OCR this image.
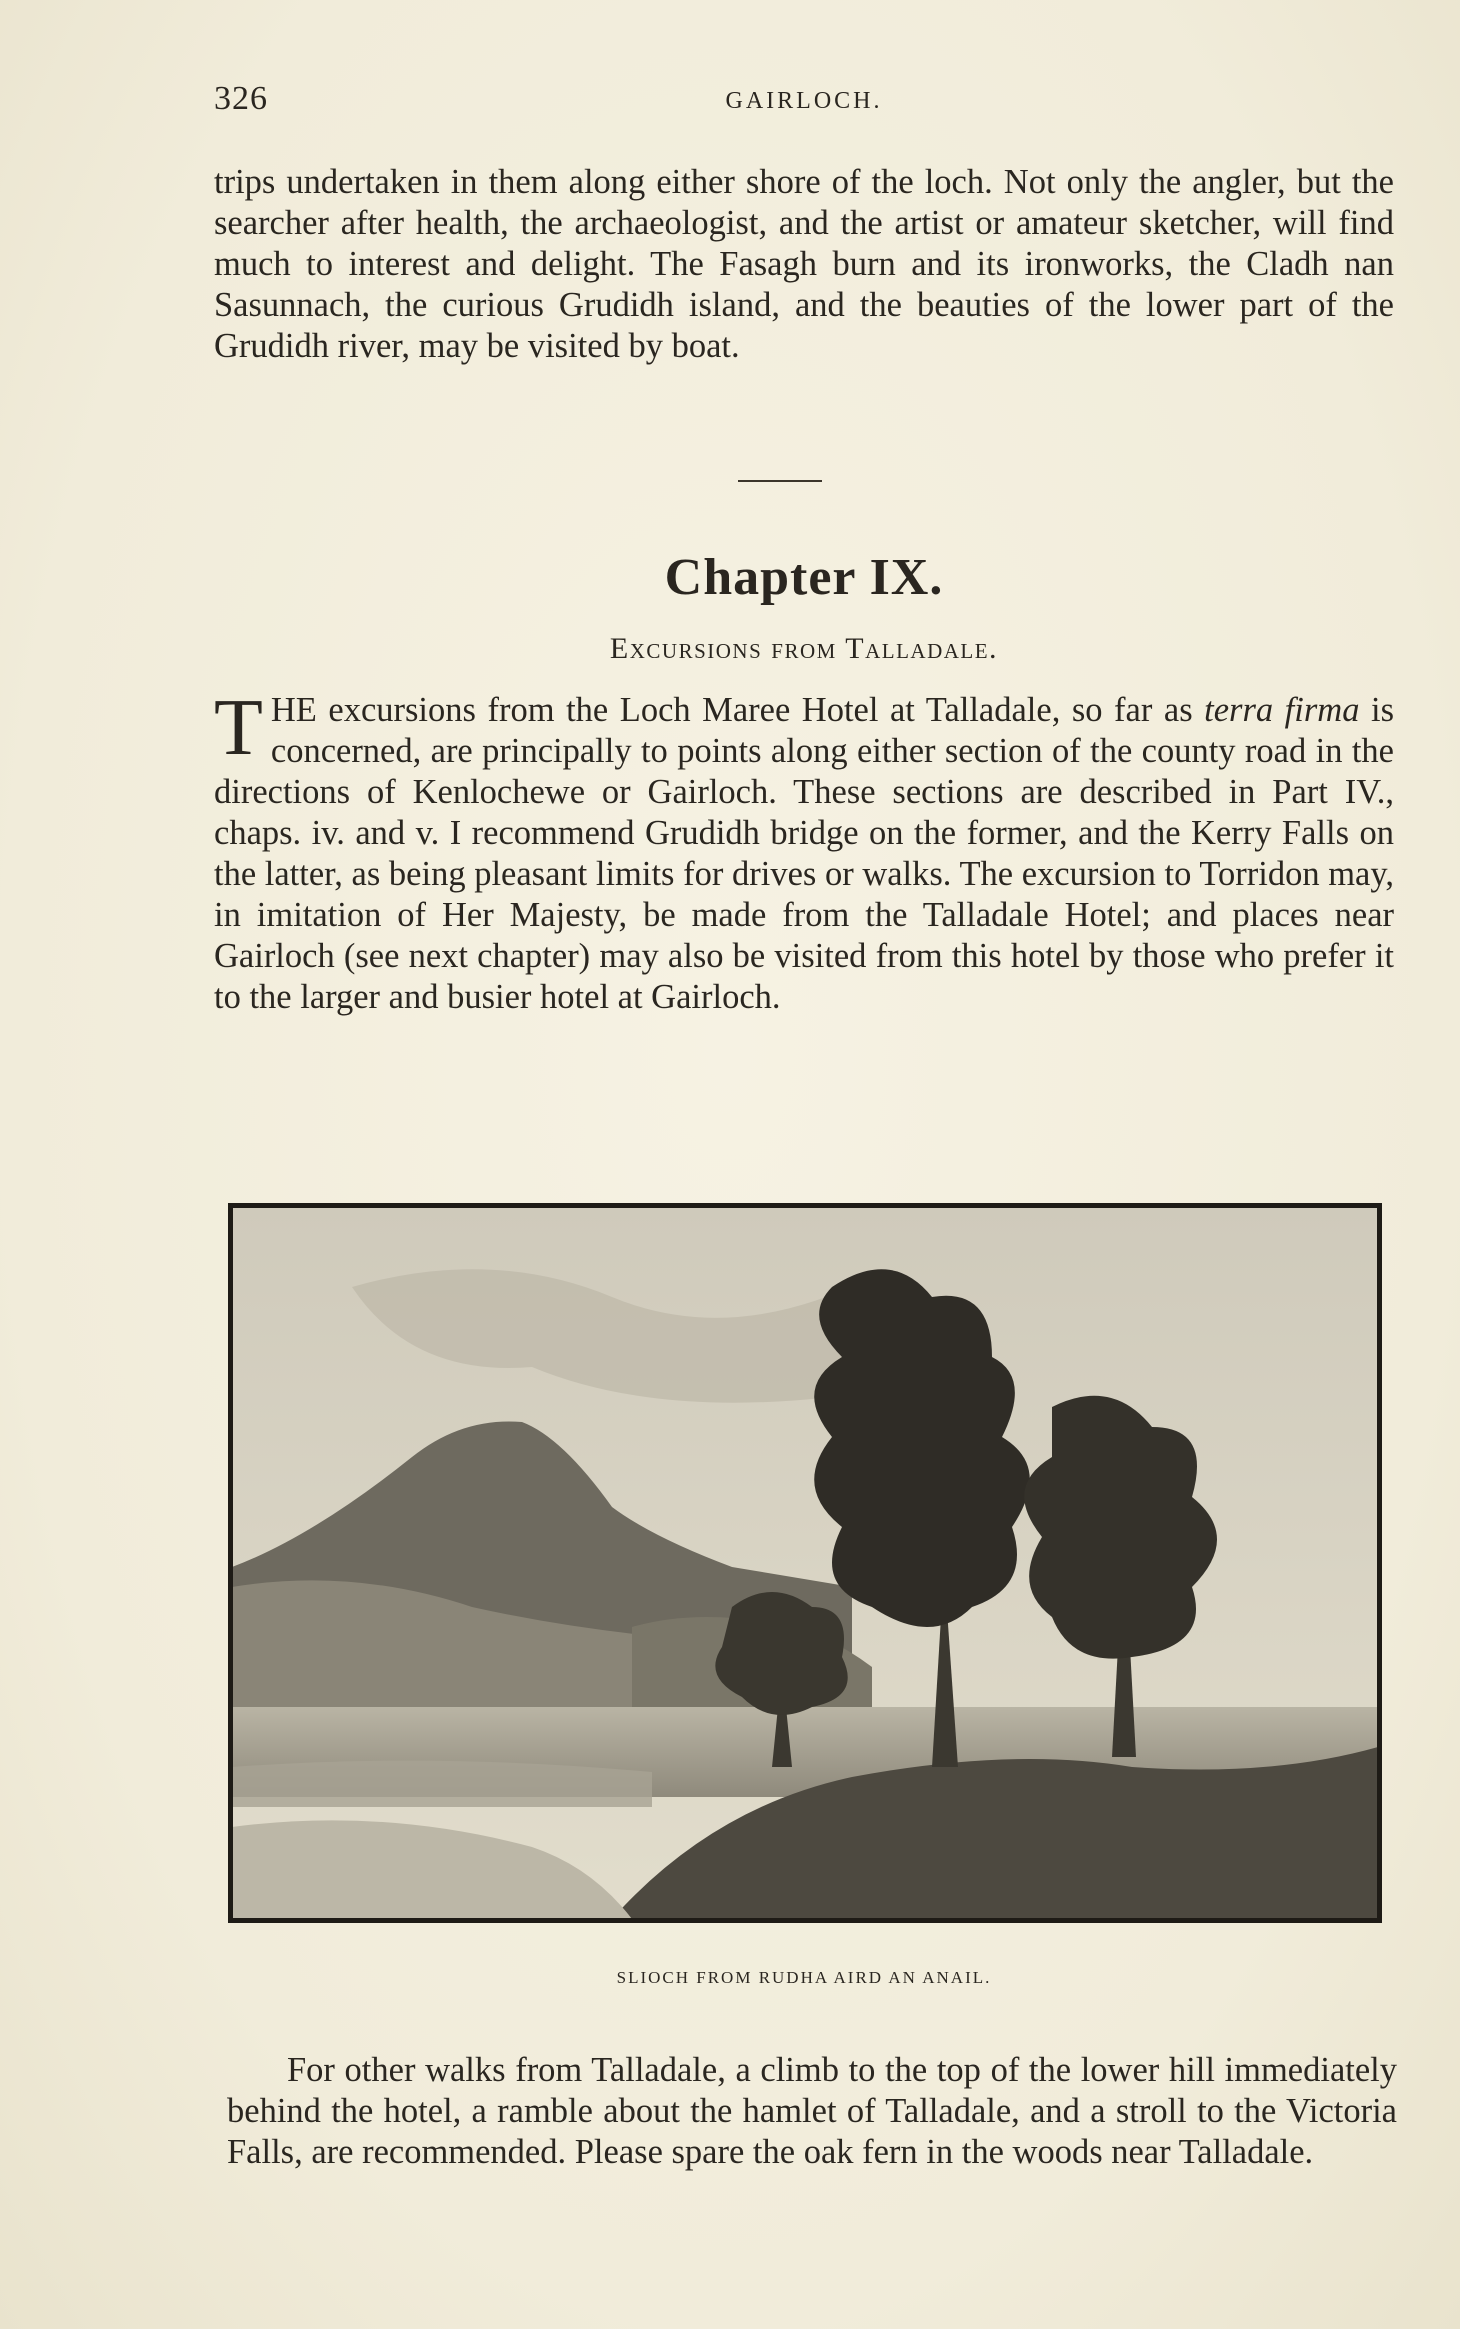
326	GAIRLOCH.
trips undertaken in them along either shore of the loch. Not only the angler, but the searcher after health, the archaeologist, and the artist or amateur sketcher, will find much to interest and delight. The Fasagh burn and its ironworks, the Cladh nan Sasunnach, the curious Grudidh island, and the beauties of the lower part of the Grudidh river, may be visited by boat.
Chapter IX.
Excursions from Talladale.
THE excursions from the Loch Maree Hotel at Talladale, so far as terra firma is concerned, are principally to points along either section of the county road in the directions of Kenlochewe or Gairloch. These sections are described in Part IV., chaps. iv. and v. I recommend Grudidh bridge on the former, and the Kerry Falls on the latter, as being pleasant limits for drives or walks. The excursion to Torridon may, in imitation of Her Majesty, be made from the Talladale Hotel; and places near Gairloch (see next chapter) may also be visited from this hotel by those who prefer it to the larger and busier hotel at Gairloch.
SLIOCH FROM RUDHA AIRD AN ANAIL.
For other walks from Talladale, a climb to the top of the lower hill immediately behind the hotel, a ramble about the hamlet of Talladale, and a stroll to the Victoria Falls, are recommended. Please spare the oak fern in the woods near Talladale.
